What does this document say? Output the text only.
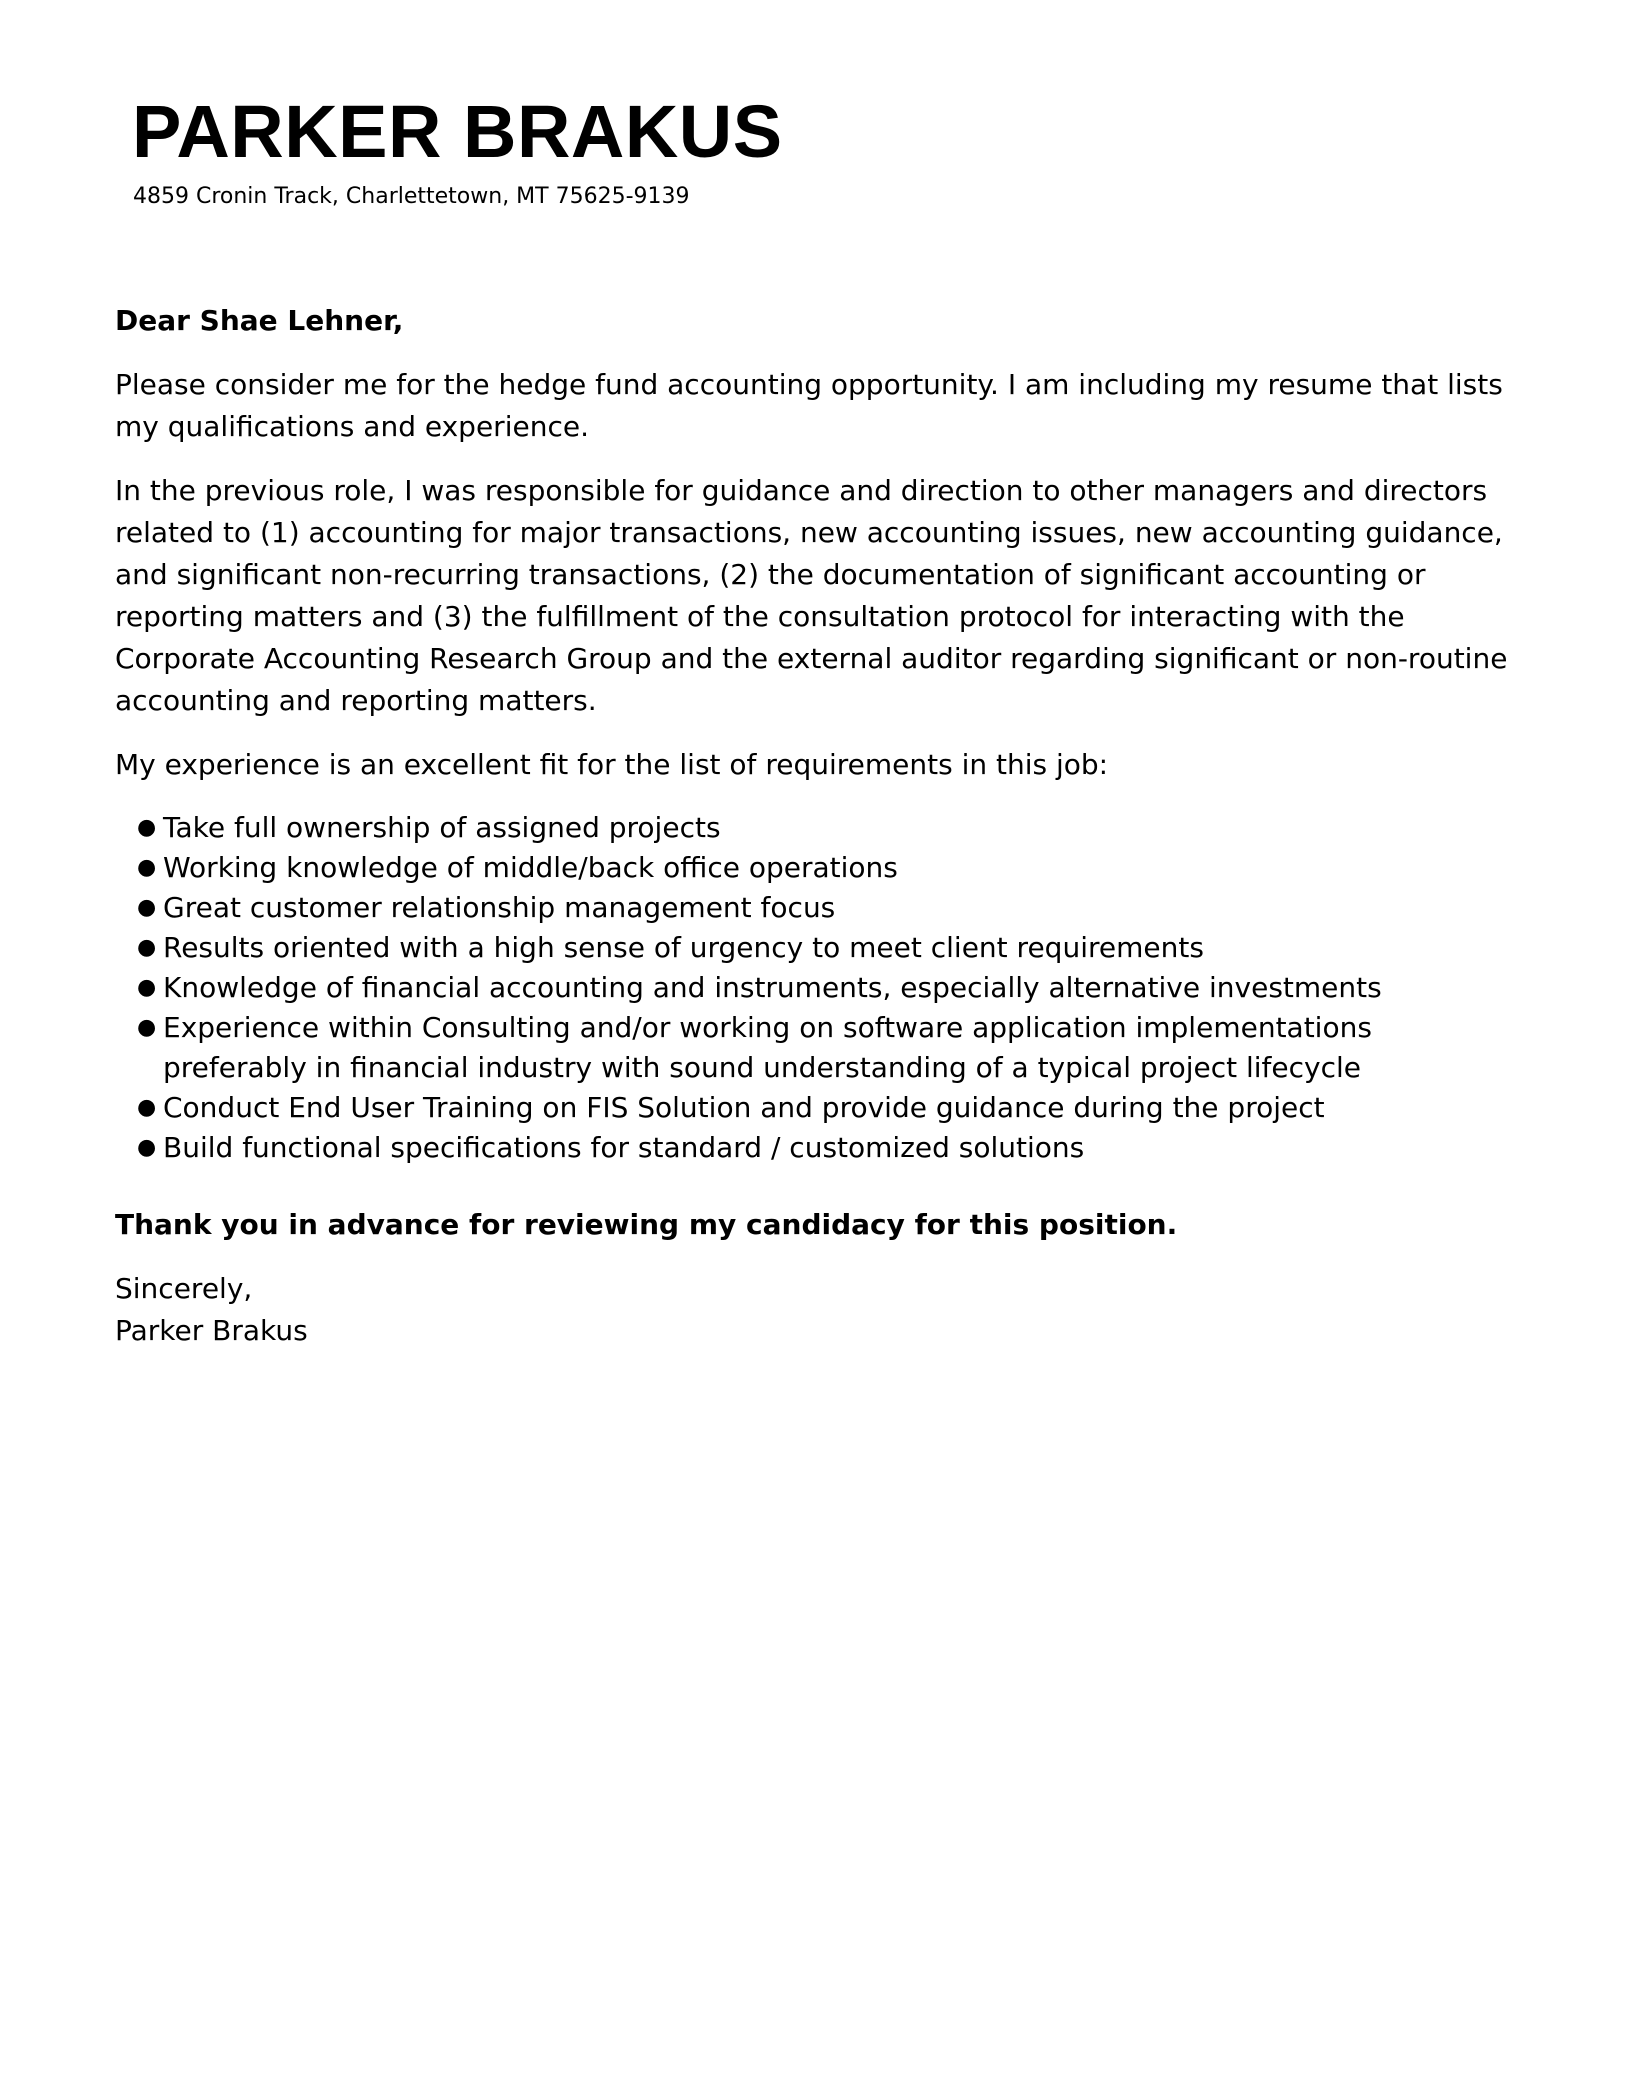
PARKER BRAKUS

4859 Cronin Track, Charlettetown, MT 75625-9139

Dear Shae Lehner,

Please consider me for the hedge fund accounting opportunity. I am including my resume that lists my qualifications and experience.

In the previous role, I was responsible for guidance and direction to other managers and directors related to (1) accounting for major transactions, new accounting issues, new accounting guidance, and significant non-recurring transactions, (2) the documentation of significant accounting or reporting matters and (3) the fulfillment of the consultation protocol for interacting with the Corporate Accounting Research Group and the external auditor regarding significant or non-routine accounting and reporting matters.

My experience is an excellent fit for the list of requirements in this job:

● Take full ownership of assigned projects
● Working knowledge of middle/back office operations
● Great customer relationship management focus
● Results oriented with a high sense of urgency to meet client requirements
● Knowledge of financial accounting and instruments, especially alternative investments
● Experience within Consulting and/or working on software application implementations preferably in financial industry with sound understanding of a typical project lifecycle
● Conduct End User Training on FIS Solution and provide guidance during the project
● Build functional specifications for standard / customized solutions

Thank you in advance for reviewing my candidacy for this position.

Sincerely,

Parker Brakus
